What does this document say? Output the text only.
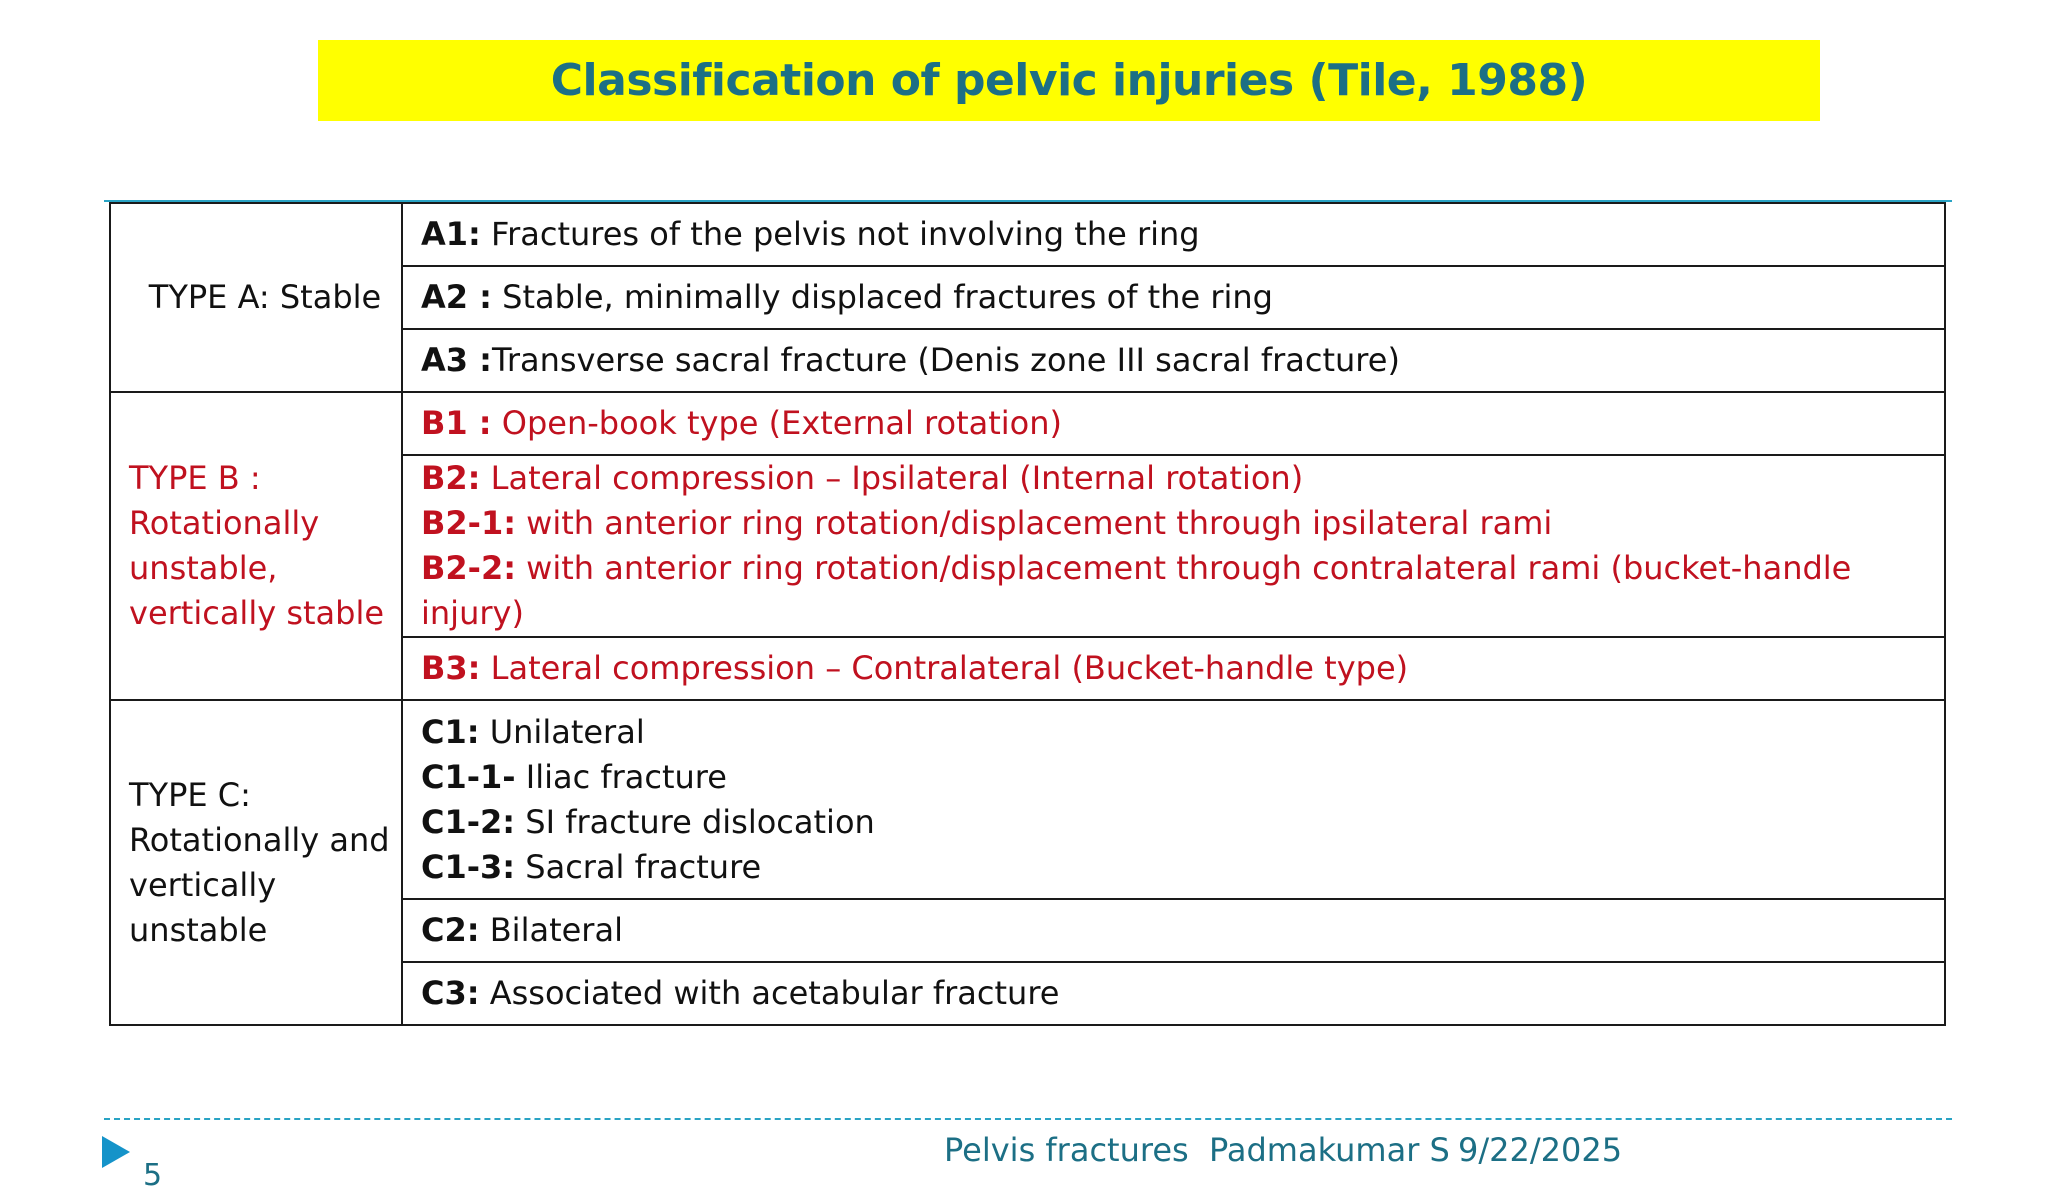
Classification of pelvic injuries (Tile, 1988)
TYPE A: Stable	A1: Fractures of the pelvis not involving the ring
	A2 : Stable, minimally displaced fractures of the ring
	A3 :Transverse sacral fracture (Denis zone III sacral fracture)

TYPE B :
Rotationally
unstable,
vertically stable	B1 : Open-book type (External rotation)

	B2: Lateral compression – Ipsilateral (Internal rotation)
B2-1: with anterior ring rotation/displacement through ipsilateral rami
B2-2: with anterior ring rotation/displacement through contralateral rami (bucket-handle injury)

	B3: Lateral compression – Contralateral (Bucket-handle type)

TYPE C:
Rotationally and
vertically
unstable	C1: Unilateral
C1-1- Iliac fracture
C1-2: SI fracture dislocation
C1-3: Sacral fracture

	C2: Bilateral
	C3: Associated with acetabular fracture
5
Pelvis fractures  Padmakumar S 9/22/2025
